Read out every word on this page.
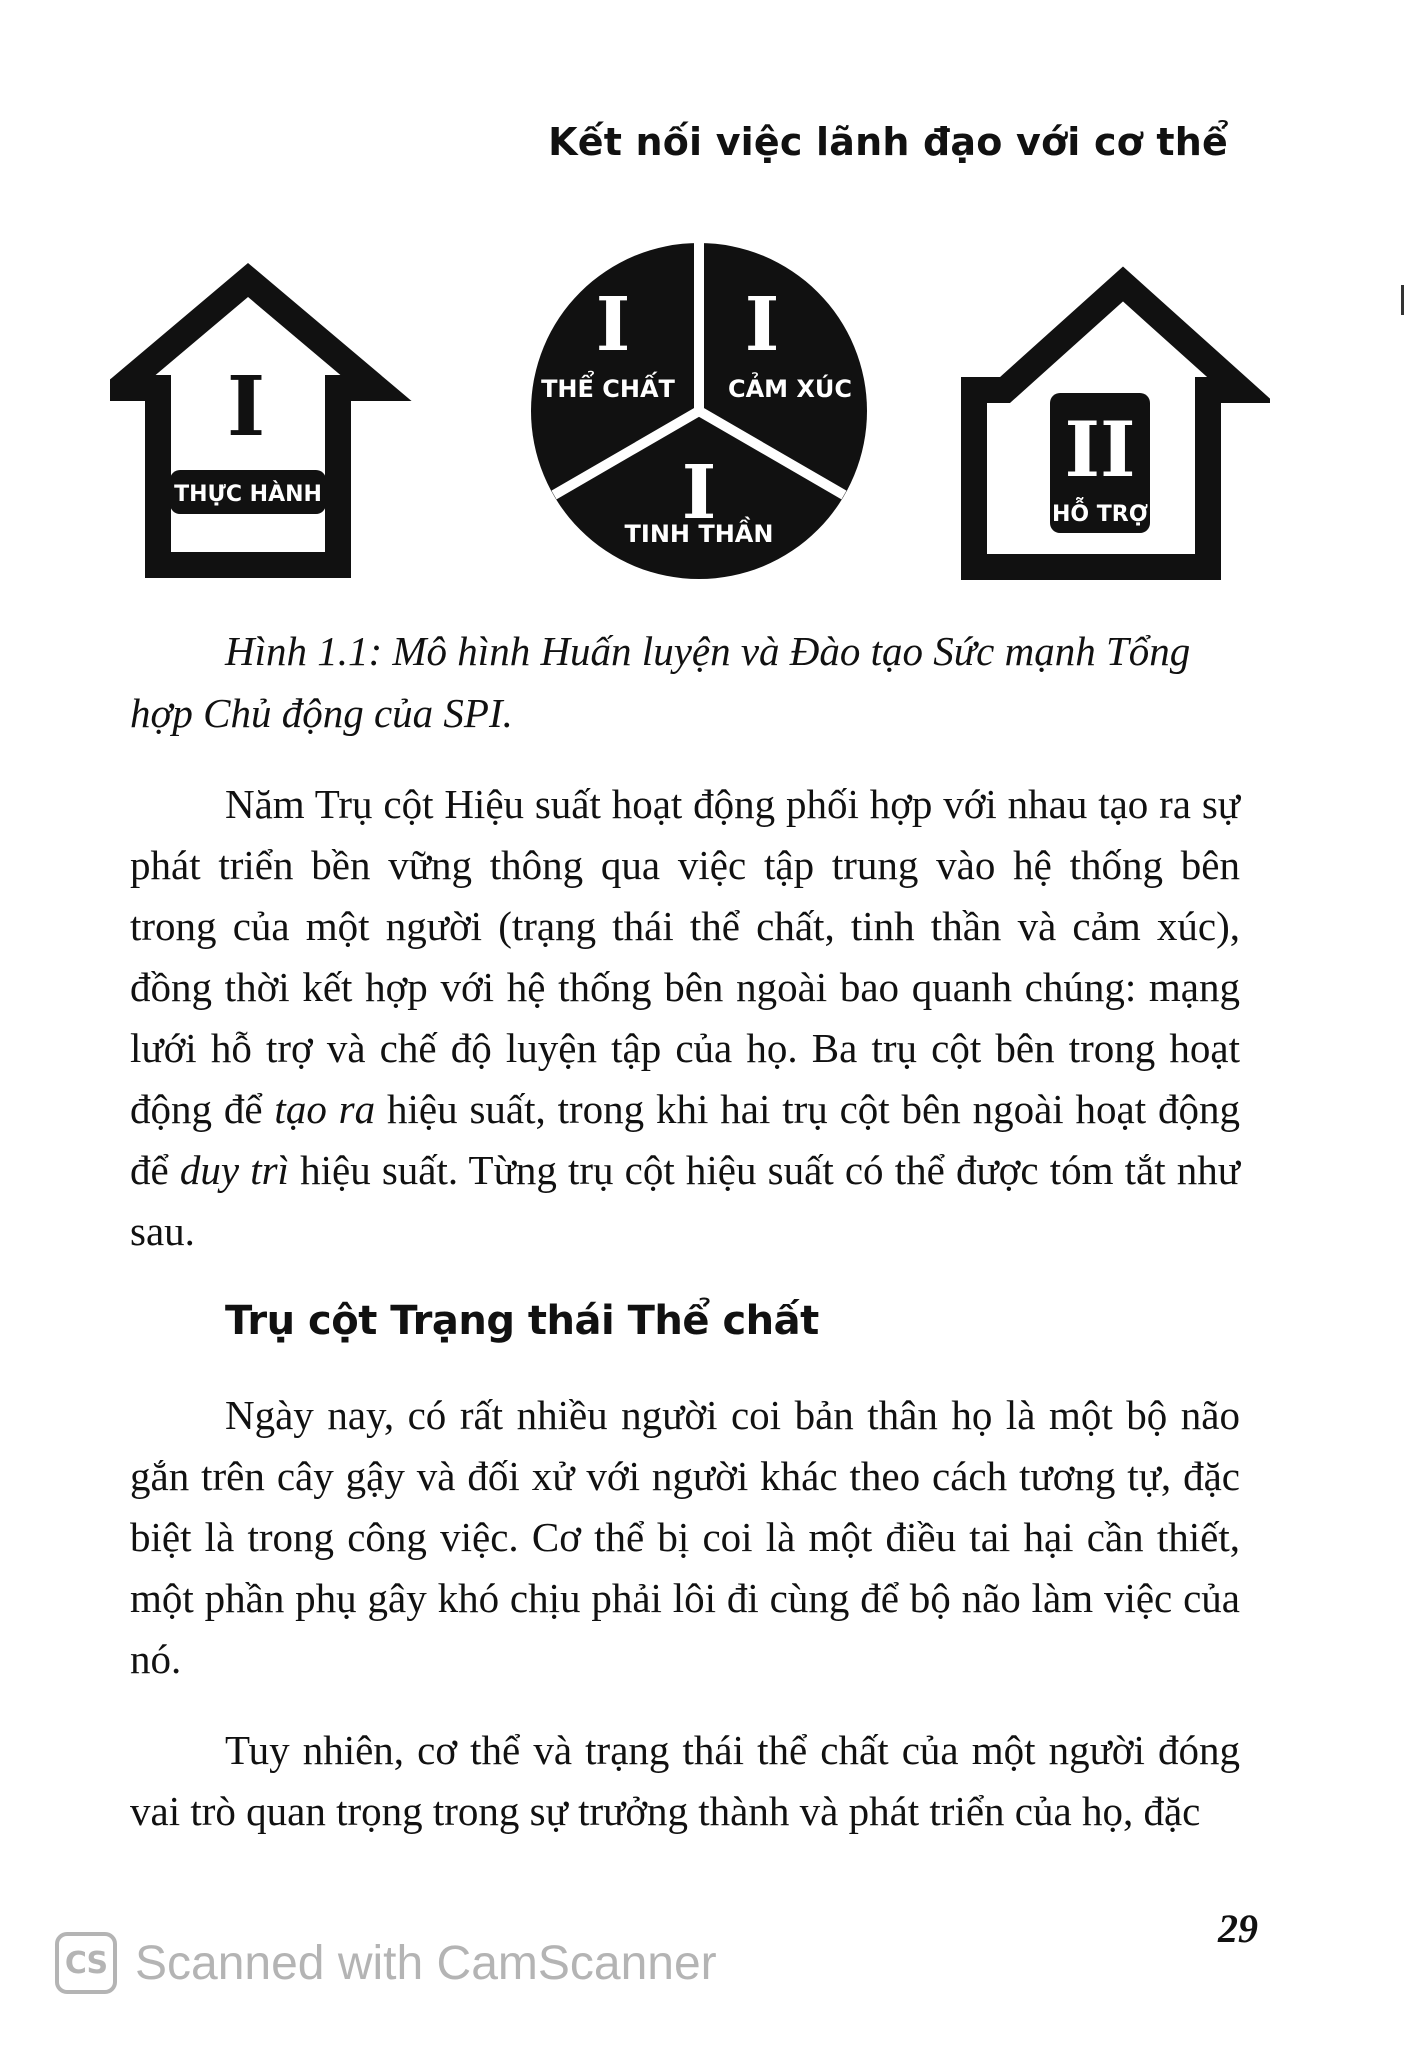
Kết nối việc lãnh đạo với cơ thể
I
THỰC HÀNH
I I
I
THỂ CHẤT CẢM XÚC
TINH THẦN
II
HỖ TRỢ
Hình 1.1: Mô hình Huấn luyện và Đào tạo Sức mạnh Tổng hợp Chủ động của SPI.

Năm Trụ cột Hiệu suất hoạt động phối hợp với nhau tạo ra sự phát triển bền vững thông qua việc tập trung vào hệ thống bên trong của một người (trạng thái thể chất, tinh thần và cảm xúc), đồng thời kết hợp với hệ thống bên ngoài bao quanh chúng: mạng lưới hỗ trợ và chế độ luyện tập của họ. Ba trụ cột bên trong hoạt động để tạo ra hiệu suất, trong khi hai trụ cột bên ngoài hoạt động để duy trì hiệu suất. Từng trụ cột hiệu suất có thể được tóm tắt như sau.

Trụ cột Trạng thái Thể chất

Ngày nay, có rất nhiều người coi bản thân họ là một bộ não gắn trên cây gậy và đối xử với người khác theo cách tương tự, đặc biệt là trong công việc. Cơ thể bị coi là một điều tai hại cần thiết, một phần phụ gây khó chịu phải lôi đi cùng để bộ não làm việc của nó.

Tuy nhiên, cơ thể và trạng thái thể chất của một người đóng vai trò quan trọng trong sự trưởng thành và phát triển của họ, đặc

29
CS Scanned with CamScanner
